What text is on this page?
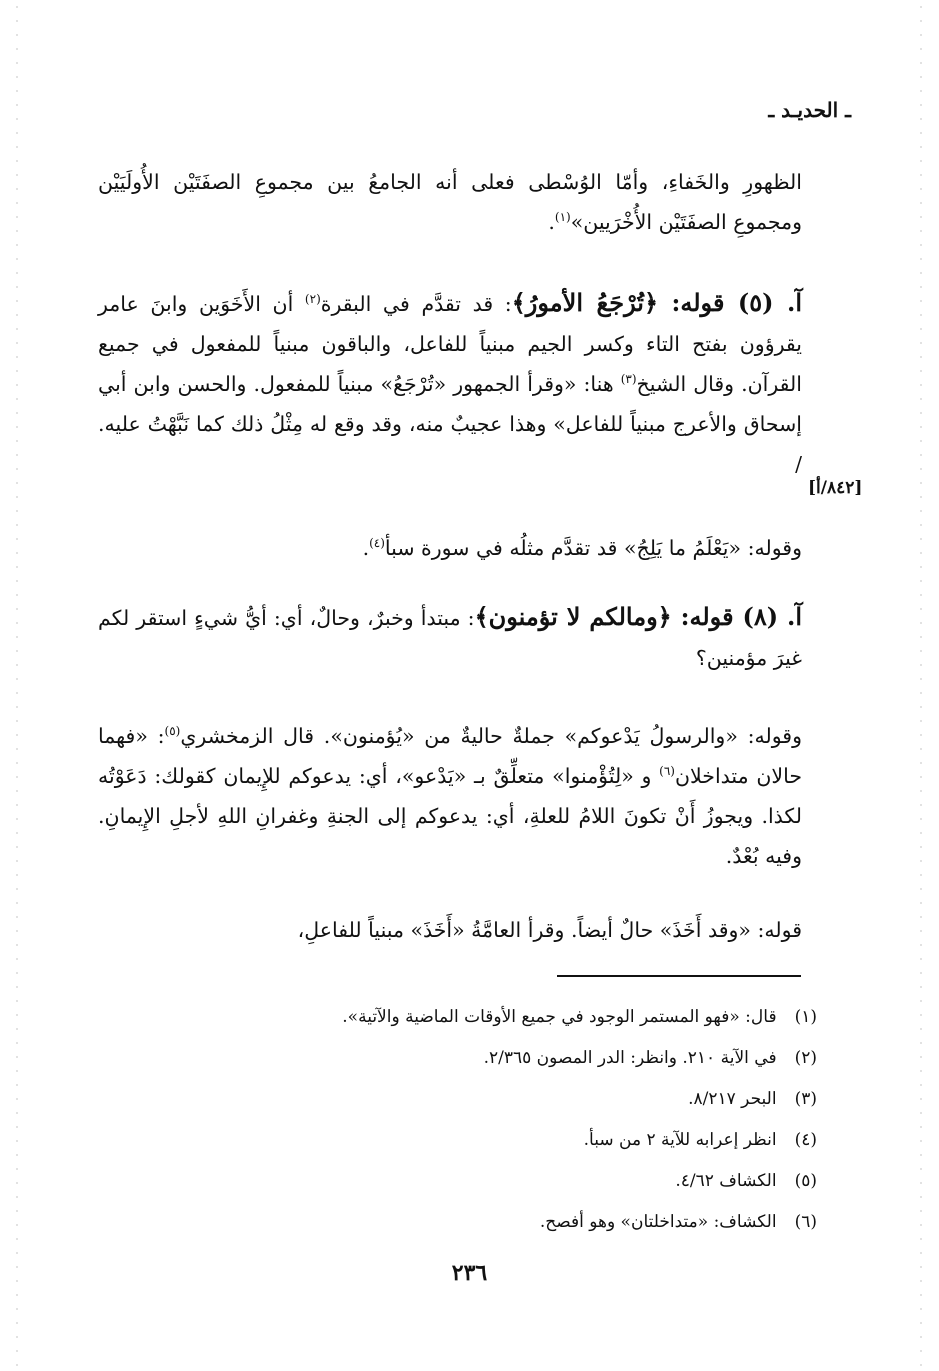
ـ الحديـد ـ

الظهورِ والخَفاءِ، وأمّا الوُسْطى فعلى أنه الجامعُ بين مجموعِ الصفَتَيْن الأُولَيَيْن ومجموعِ الصفَتَيْن الأُخْرَيين»$^{(١)}$.

آ. (٥) قوله: ﴿تُرْجَعُ الأمورُ﴾: قد تقدَّم في البقرة$^{(٢)}$ أن الأَخَوَين وابنَ عامر يقرؤون بفتح التاء وكسر الجيم مبنياً للفاعل، والباقون مبنياً للمفعول في جميع القرآن. وقال الشيخ$^{(٣)}$ هنا: «وقرأ الجمهور «تُرْجَعُ» مبنياً للمفعول. والحسن وابن أبي إسحاق والأعرج مبنياً للفاعل» وهذا عجيبٌ منه، وقد وقع له مِثْلُ ذلك كما نَبَّهْتُ عليه. /

[٨٤٢/أ]

وقوله: «يَعْلَمُ ما يَلِجُ» قد تقدَّم مثلُه في سورة سبأ$^{(٤)}$.

آ. (٨) قوله: ﴿ومالكم لا تؤمنون﴾: مبتدأ وخبرٌ، وحالٌ، أي: أيُّ شيءٍ استقر لكم غيرَ مؤمنين؟

وقوله: «والرسولُ يَدْعوكم» جملةٌ حاليةٌ من «يُؤمنون». قال الزمخشري$^{(٥)}$: «فهما حالان متداخلان$^{(٦)}$ و «لِتُؤْمنوا» متعلِّقٌ بـ «يَدْعو»، أي: يدعوكم للإِيمان كقولك: دَعَوْتُه لكذا. ويجوزُ أَنْ تكونَ اللامُ للعلةِ، أي: يدعوكم إلى الجنةِ وغفرانِ اللهِ لأجلِ الإِيمانِ. وفيه بُعْدٌ.

قوله: «وقد أَخَذَ» حالٌ أيضاً. وقرأ العامَّةُ «أَخَذَ» مبنياً للفاعلِ،

(١)قال: «فهو المستمر الوجود في جميع الأوقات الماضية والآتية».
(٢)في الآية ٢١٠. وانظر: الدر المصون ٢/٣٦٥.
(٣)البحر ٨/٢١٧.
(٤)انظر إعرابه للآية ٢ من سبأ.
(٥)الكشاف ٤/٦٢.
(٦)الكشاف: «متداخلتان» وهو أفصح.
٢٣٦
